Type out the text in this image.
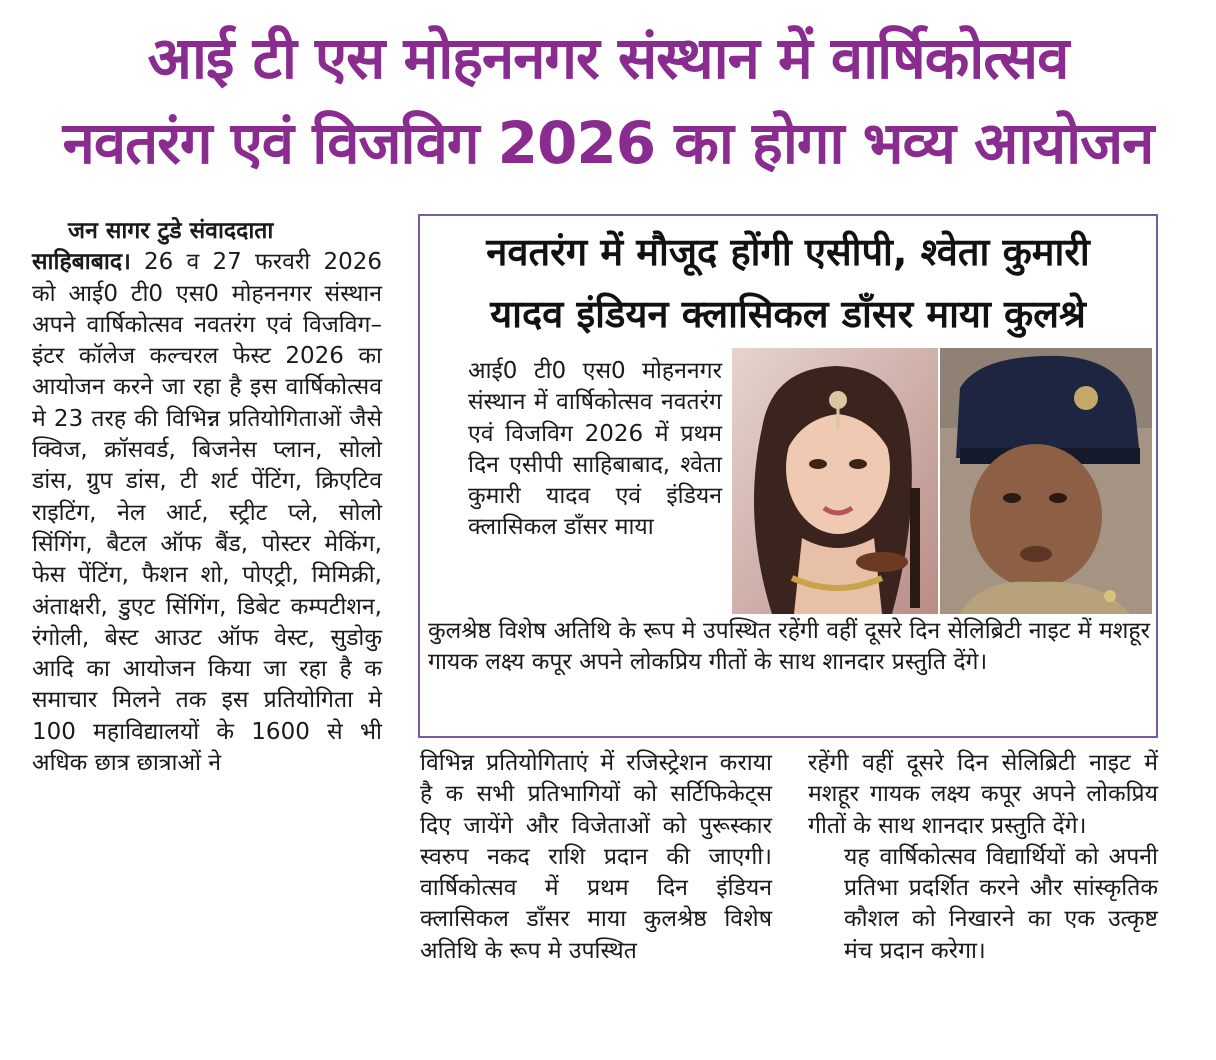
आई टी एस मोहननगर संस्थान में वार्षिकोत्सव
नवतरंग एवं विजविग 2026 का होगा भव्य आयोजन

जन सागर टुडे संवाददाता

साहिबाबाद। 26 व 27 फरवरी 2026 को आई0 टी0 एस0 मोहननगर संस्थान अपने वार्षिकोत्सव नवतरंग एवं विजविग–इंटर कॉलेज कल्चरल फेस्ट 2026 का आयोजन करने जा रहा है इस वार्षिकोत्सव मे 23 तरह की विभिन्न प्रतियोगिताओं जैसे क्विज, क्रॉसवर्ड, बिजनेस प्लान, सोलो डांस, ग्रुप डांस, टी शर्ट पेंटिंग, क्रिएटिव राइटिंग, नेल आर्ट, स्ट्रीट प्ले, सोलो सिंगिंग, बैटल ऑफ बैंड, पोस्टर मेकिंग, फेस पेंटिंग, फैशन शो, पोएट्री, मिमिक्री, अंताक्षरी, डुएट सिंगिंग, डिबेट कम्पटीशन, रंगोली, बेस्ट आउट ऑफ वेस्ट, सुडोकु आदि का आयोजन किया जा रहा है क समाचार मिलने तक इस प्रतियोगिता मे 100 महाविद्यालयों के 1600 से भी अधिक छात्र छात्राओं ने

नवतरंग में मौजूद होंगी एसीपी, श्वेता कुमारी
यादव इंडियन क्लासिकल डाँसर माया कुलश्रे

आई0 टी0 एस0 मोहननगर संस्थान में वार्षिकोत्सव नवतरंग एवं विजविग 2026 में प्रथम दिन एसीपी साहिबाबाद, श्वेता कुमारी यादव एवं इंडियन क्लासिकल डाँसर माया

कुलश्रेष्ठ विशेष अतिथि के रूप मे उपस्थित रहेंगी वहीं दूसरे दिन सेलिब्रिटी नाइट में मशहूर गायक लक्ष्य कपूर अपने लोकप्रिय गीतों के साथ शानदार प्रस्तुति देंगे।

विभिन्न प्रतियोगिताएं में रजिस्ट्रेशन कराया है क सभी प्रतिभागियों को सर्टिफिकेट्स दिए जायेंगे और विजेताओं को पुरूस्कार स्वरुप नकद राशि प्रदान की जाएगी। वार्षिकोत्सव में प्रथम दिन इंडियन क्लासिकल डाँसर माया कुलश्रेष्ठ विशेष अतिथि के रूप मे उपस्थित

रहेंगी वहीं दूसरे दिन सेलिब्रिटी नाइट में मशहूर गायक लक्ष्य कपूर अपने लोकप्रिय गीतों के साथ शानदार प्रस्तुति देंगे।

यह वार्षिकोत्सव विद्यार्थियों को अपनी प्रतिभा प्रदर्शित करने और सांस्कृतिक कौशल को निखारने का एक उत्कृष्ट मंच प्रदान करेगा।
